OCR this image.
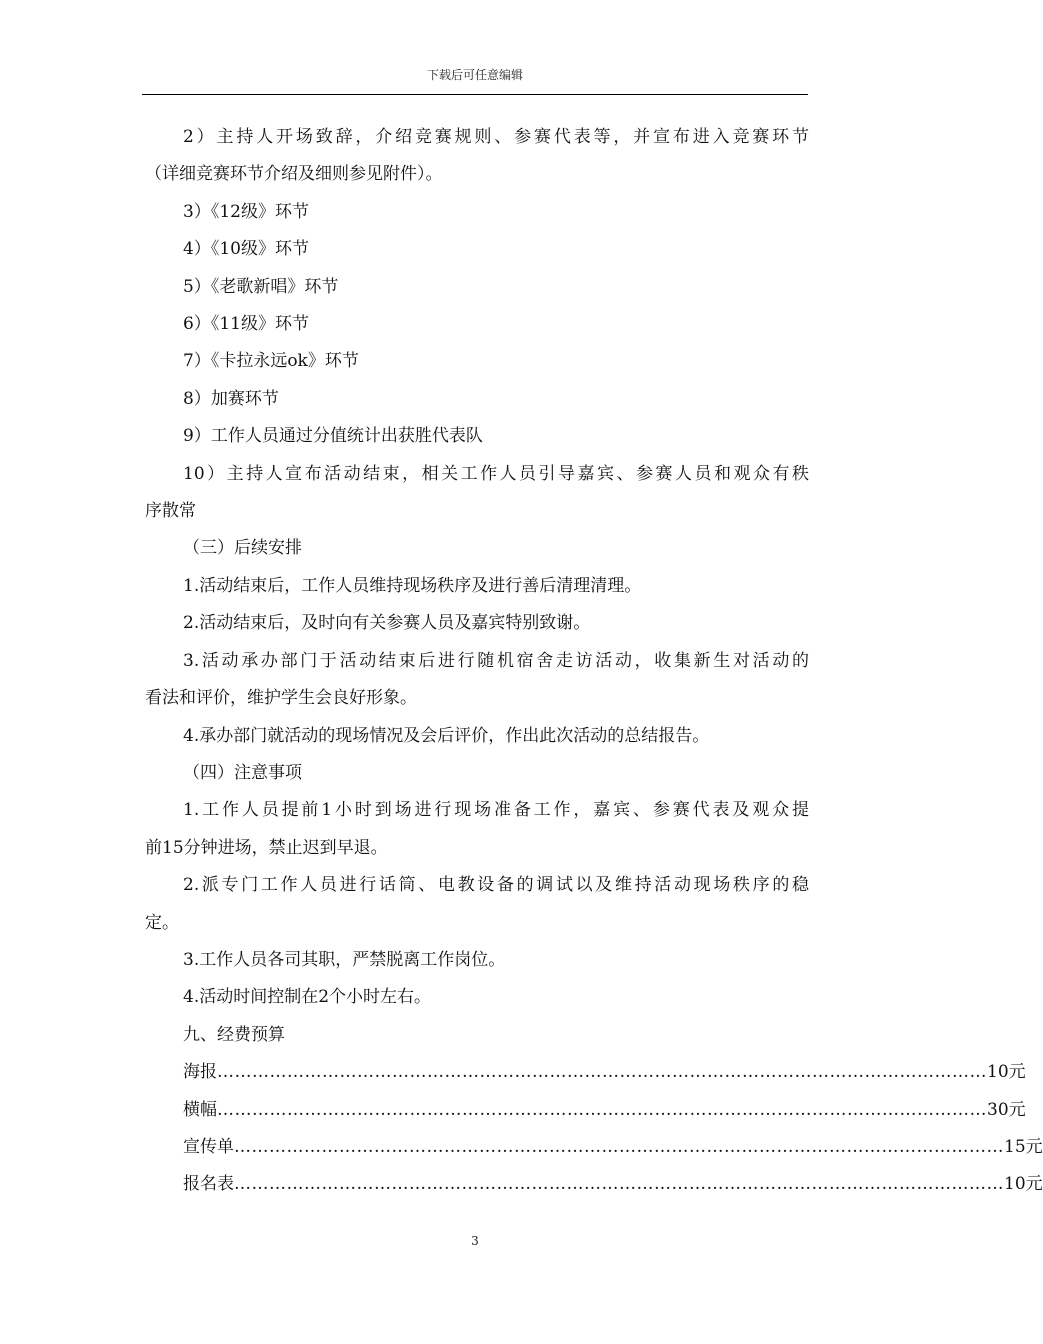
下载后可任意编辑

2）主持人开场致辞，介绍竞赛规则、参赛代表等，并宣布进入竞赛环节

（详细竞赛环节介绍及细则参见附件）。

3）《12级》环节

4）《10级》环节

5）《老歌新唱》环节

6）《11级》环节

7）《卡拉永远ok》环节

8）加赛环节

9）工作人员通过分值统计出获胜代表队

10）主持人宣布活动结束，相关工作人员引导嘉宾、参赛人员和观众有秩

序散常

（三）后续安排

1.活动结束后，工作人员维持现场秩序及进行善后清理清理。

2.活动结束后，及时向有关参赛人员及嘉宾特别致谢。

3.活动承办部门于活动结束后进行随机宿舍走访活动，收集新生对活动的

看法和评价，维护学生会良好形象。

4.承办部门就活动的现场情况及会后评价，作出此次活动的总结报告。

（四）注意事项

1.工作人员提前1小时到场进行现场准备工作，嘉宾、参赛代表及观众提

前15分钟进场，禁止迟到早退。

2.派专门工作人员进行话筒、电教设备的调试以及维持活动现场秩序的稳

定。

3.工作人员各司其职，严禁脱离工作岗位。

4.活动时间控制在2个小时左右。

九、经费预算

海报 …………………………………………………………………………………………………………………… 10元
横幅 …………………………………………………………………………………………………………………… 30元
宣传单 …………………………………………………………………………………………………………………… 15元
报名表 …………………………………………………………………………………………………………………… 10元
3
